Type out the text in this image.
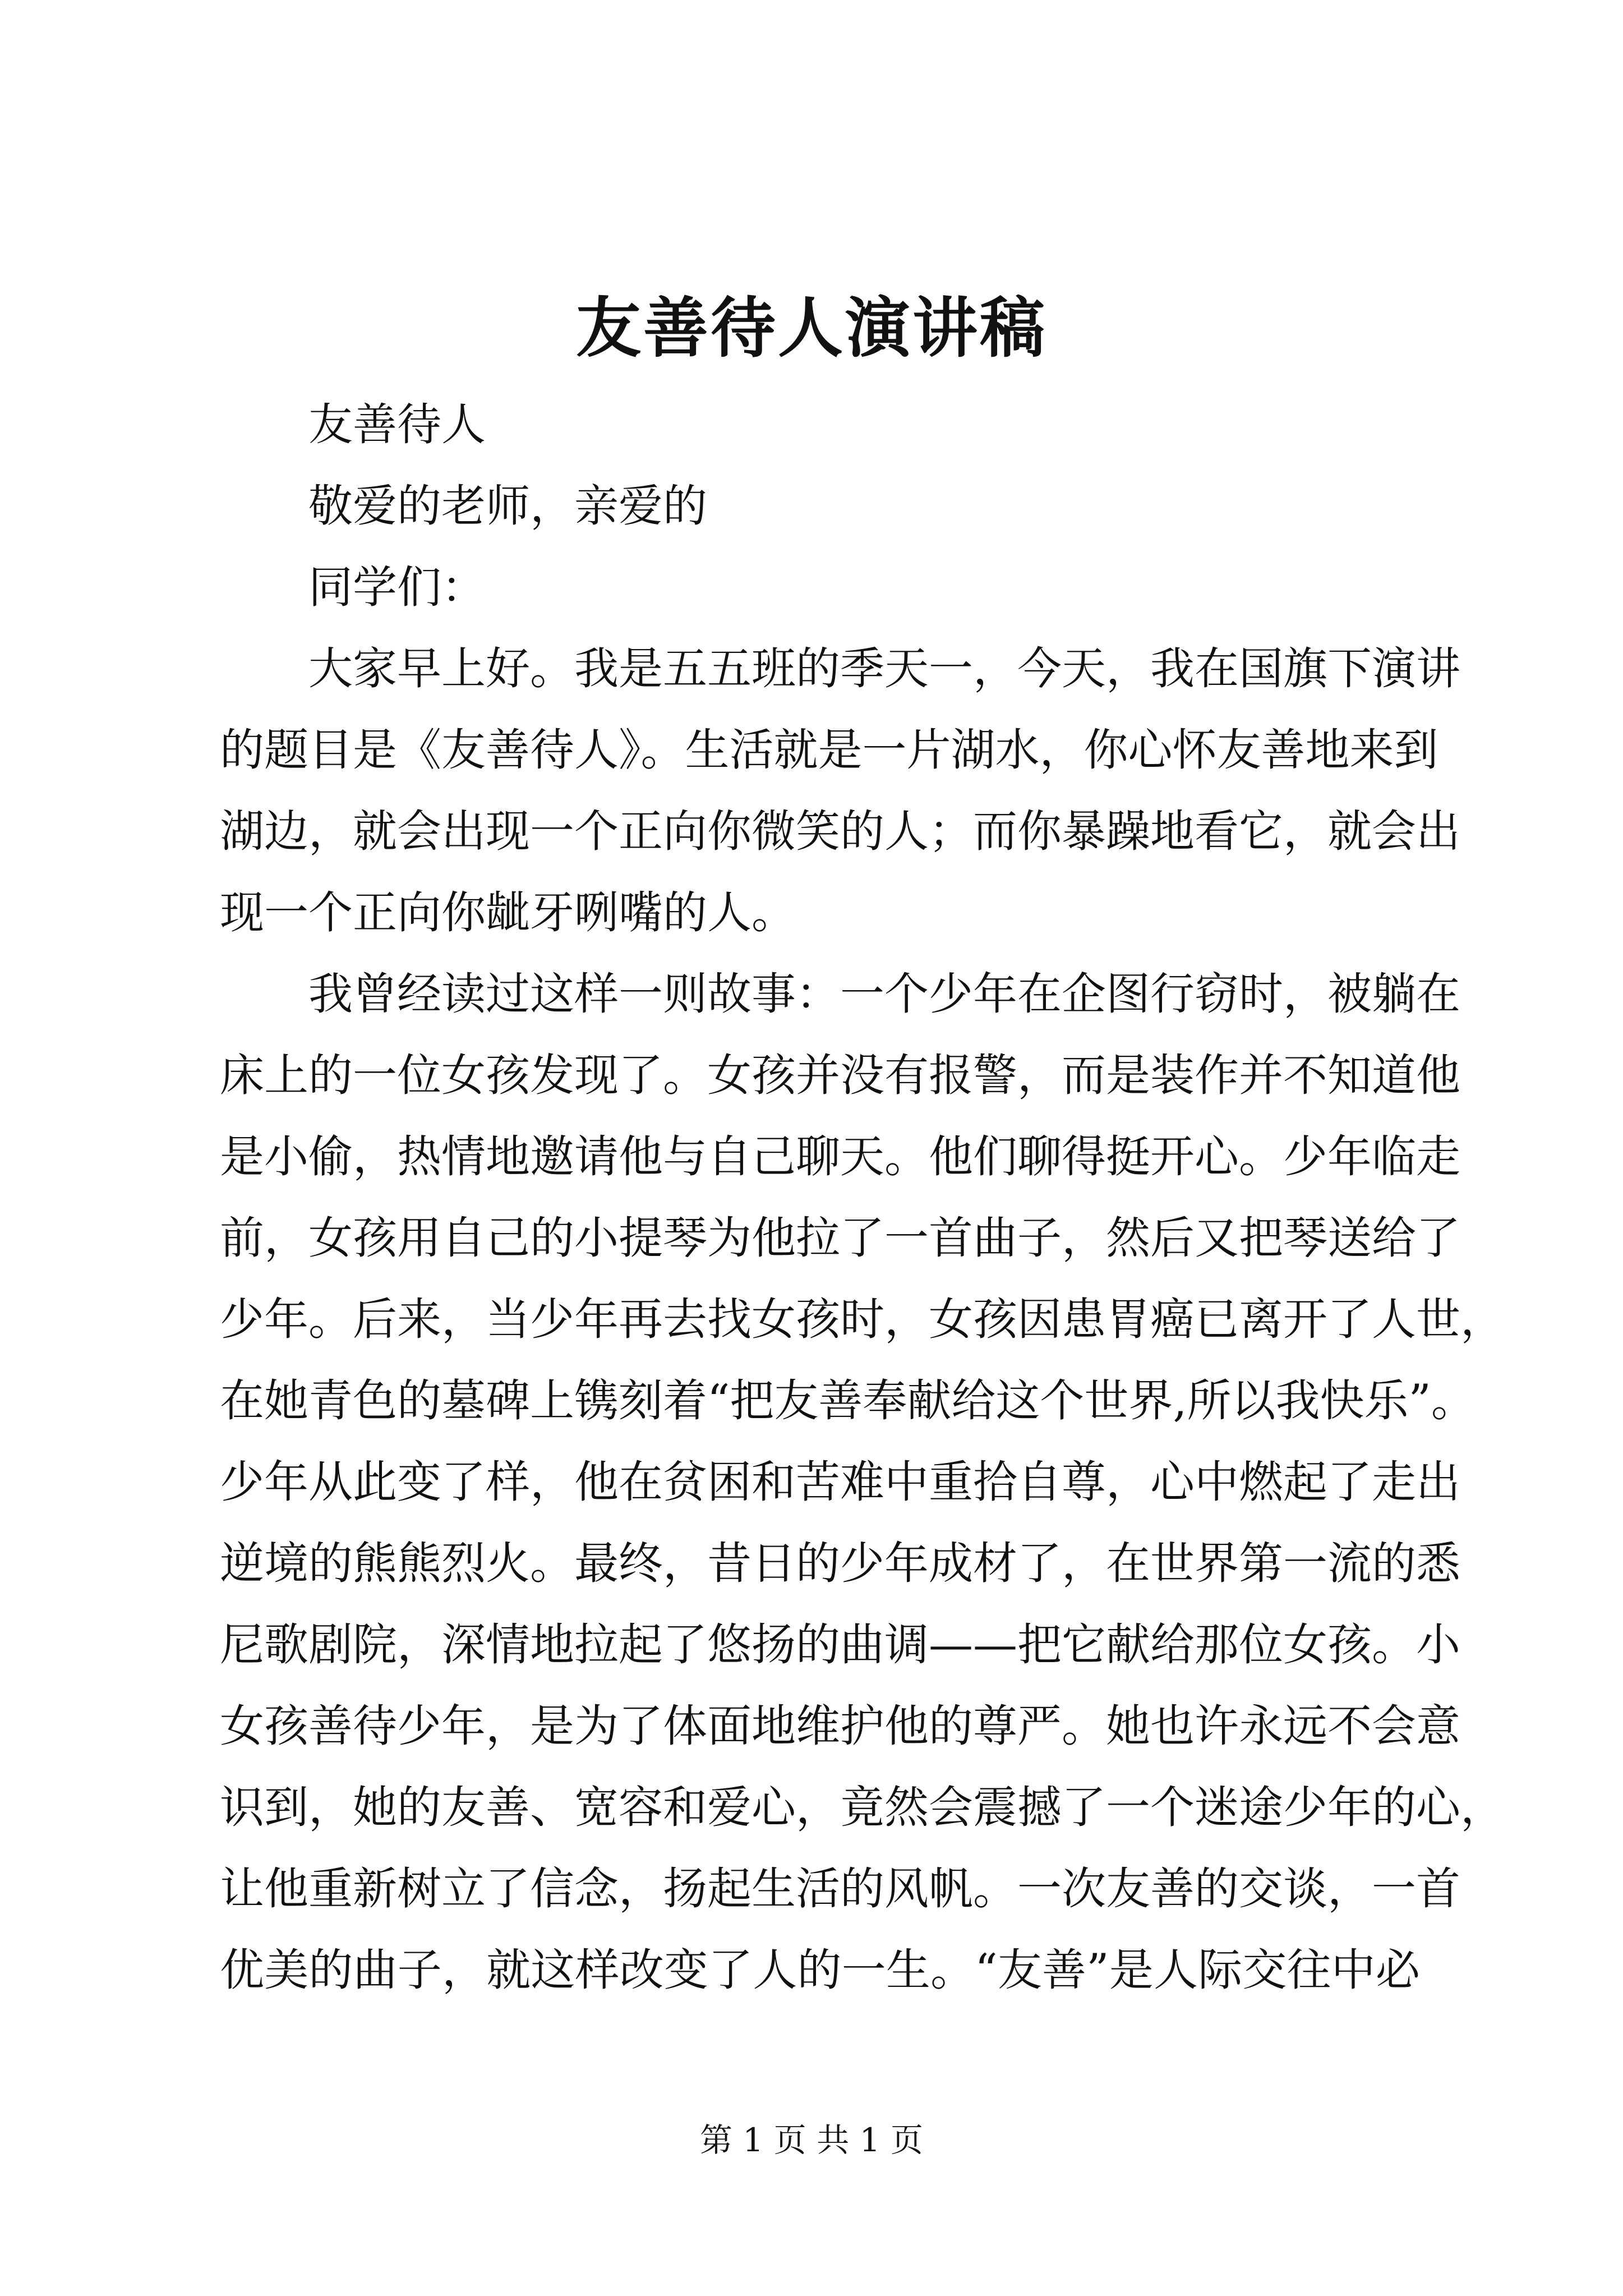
友善待人演讲稿
友善待人
敬爱的老师，亲爱的
同学们：
大家早上好。我是五五班的季天一，今天，我在国旗下演讲
的题目是《友善待人》。生活就是一片湖水，你心怀友善地来到
湖边，就会出现一个正向你微笑的人；而你暴躁地看它，就会出
现一个正向你龇牙咧嘴的人。
我曾经读过这样一则故事：一个少年在企图行窃时，被躺在
床上的一位女孩发现了。女孩并没有报警，而是装作并不知道他
是小偷，热情地邀请他与自己聊天。他们聊得挺开心。少年临走
前，女孩用自己的小提琴为他拉了一首曲子，然后又把琴送给了
少年。后来，当少年再去找女孩时，女孩因患胃癌已离开了人世，
在她青色的墓碑上镌刻着“把友善奉献给这个世界,所以我快乐”。
少年从此变了样，他在贫困和苦难中重拾自尊，心中燃起了走出
逆境的熊熊烈火。最终，昔日的少年成材了，在世界第一流的悉
尼歌剧院，深情地拉起了悠扬的曲调——把它献给那位女孩。小
女孩善待少年，是为了体面地维护他的尊严。她也许永远不会意
识到，她的友善、宽容和爱心，竟然会震撼了一个迷途少年的心，
让他重新树立了信念，扬起生活的风帆。一次友善的交谈，一首
优美的曲子，就这样改变了人的一生。“友善”是人际交往中必
第 1 页 共 1 页
